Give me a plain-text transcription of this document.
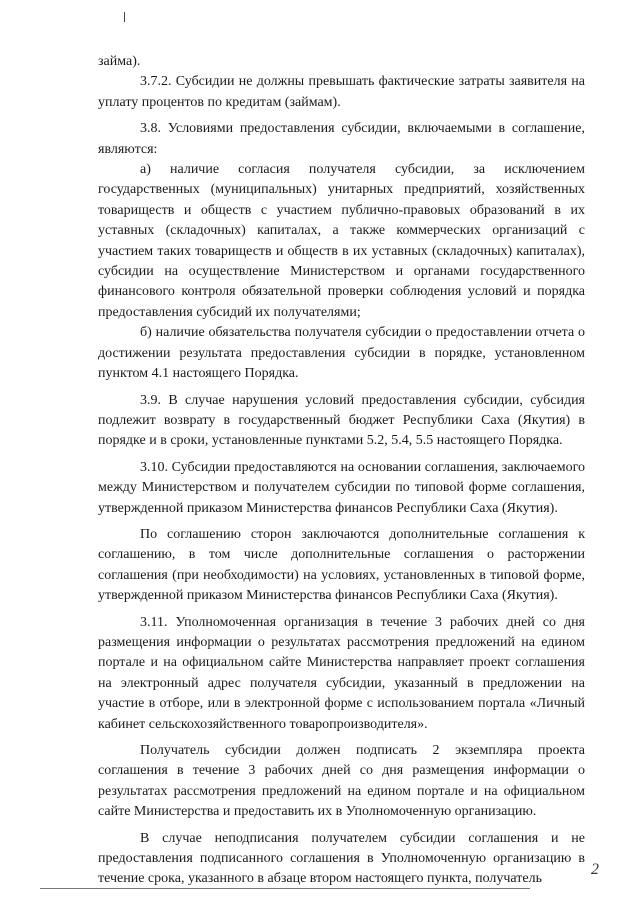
займа).

3.7.2. Субсидии не должны превышать фактические затраты заявителя на уплату процентов по кредитам (займам).

3.8. Условиями предоставления субсидии, включаемыми в соглашение, являются:

а) наличие согласия получателя субсидии, за исключением государственных (муниципальных) унитарных предприятий, хозяйственных товариществ и обществ с участием публично-правовых образований в их уставных (складочных) капиталах, а также коммерческих организаций с участием таких товариществ и обществ в их уставных (складочных) капиталах), субсидии на осуществление Министерством и органами государственного финансового контроля обязательной проверки соблюдения условий и порядка предоставления субсидий их получателями;

б) наличие обязательства получателя субсидии о предоставлении отчета о достижении результата предоставления субсидии в порядке, установленном пунктом 4.1 настоящего Порядка.

3.9. В случае нарушения условий предоставления субсидии, субсидия подлежит возврату в государственный бюджет Республики Саха (Якутия) в порядке и в сроки, установленные пунктами 5.2, 5.4, 5.5 настоящего Порядка.

3.10. Субсидии предоставляются на основании соглашения, заключаемого между Министерством и получателем субсидии по типовой форме соглашения, утвержденной приказом Министерства финансов Республики Саха (Якутия).

По соглашению сторон заключаются дополнительные соглашения к соглашению, в том числе дополнительные соглашения о расторжении соглашения (при необходимости) на условиях, установленных в типовой форме, утвержденной приказом Министерства финансов Республики Саха (Якутия).

3.11. Уполномоченная организация в течение 3 рабочих дней со дня размещения информации о результатах рассмотрения предложений на едином портале и на официальном сайте Министерства направляет проект соглашения на электронный адрес получателя субсидии, указанный в предложении на участие в отборе, или в электронной форме с использованием портала «Личный кабинет сельскохозяйственного товаропроизводителя».

Получатель субсидии должен подписать 2 экземпляра проекта соглашения в течение 3 рабочих дней со дня размещения информации о результатах рассмотрения предложений на едином портале и на официальном сайте Министерства и предоставить их в Уполномоченную организацию.

В случае неподписания получателем субсидии соглашения и не предоставления подписанного соглашения в Уполномоченную организацию в течение срока, указанного в абзаце втором настоящего пункта, получатель

2
